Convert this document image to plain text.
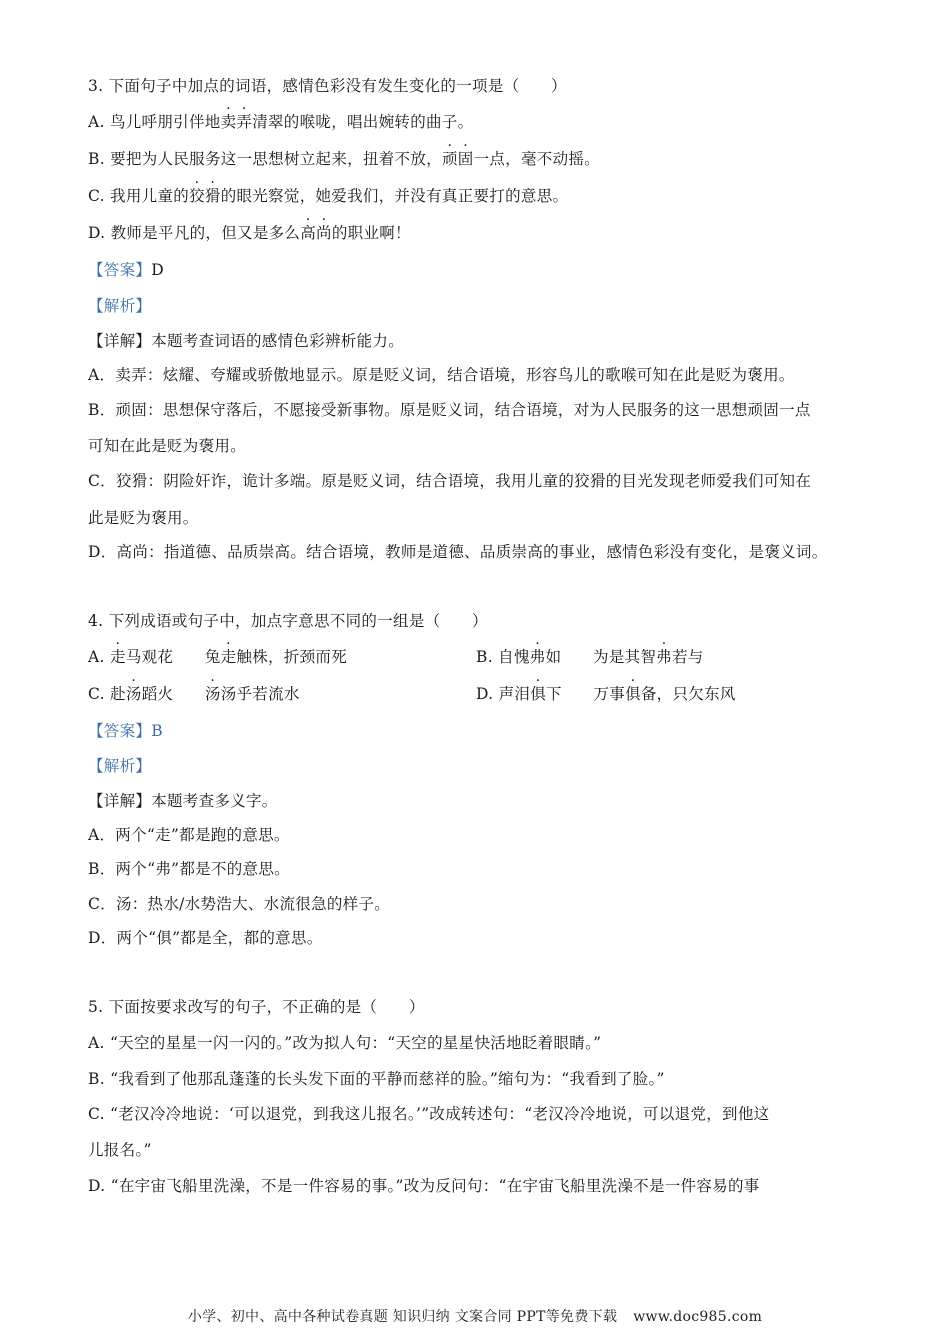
3. 下面句子中加点的词语，感情色彩没有发生变化的一项是（　　）
A. 鸟儿呼朋引伴地卖弄清翠的喉咙，唱出婉转的曲子。
B. 要把为人民服务这一思想树立起来，扭着不放，顽固一点，毫不动摇。
C. 我用儿童的狡猾的眼光察觉，她爱我们，并没有真正要打的意思。
D. 教师是平凡的，但又是多么高尚的职业啊！
【答案】D
【解析】
【详解】本题考查词语的感情色彩辨析能力。
A．卖弄：炫耀、夸耀或骄傲地显示。原是贬义词，结合语境，形容鸟儿的歌喉可知在此是贬为褒用。
B．顽固：思想保守落后，不愿接受新事物。原是贬义词，结合语境，对为人民服务的这一思想顽固一点
可知在此是贬为褒用。
C．狡猾：阴险奸诈，诡计多端。原是贬义词，结合语境，我用儿童的狡猾的目光发现老师爱我们可知在
此是贬为褒用。
D．高尚：指道德、品质崇高。结合语境，教师是道德、品质崇高的事业，感情色彩没有变化，是褒义词。
4. 下列成语或句子中，加点字意思不同的一组是（　　）
A. 走马观花　　兔走触株，折颈而死	B. 自愧弗如　　为是其智弗若与
C. 赴汤蹈火　　汤汤乎若流水	D. 声泪俱下　　万事俱备，只欠东风
【答案】B
【解析】
【详解】本题考查多义字。
A．两个“走”都是跑的意思。
B．两个“弗”都是不的意思。
C．汤：热水/水势浩大、水流很急的样子。
D．两个“俱”都是全，都的意思。
5. 下面按要求改写的句子，不正确的是（　　）
A. “天空的星星一闪一闪的。”改为拟人句：“天空的星星快活地眨着眼睛。”
B. “我看到了他那乱蓬蓬的长头发下面的平静而慈祥的脸。”缩句为：“我看到了脸。”
C. “老汉冷冷地说：‘可以退党，到我这儿报名。’”改成转述句：“老汉冷冷地说，可以退党，到他这
儿报名。”
D. “在宇宙飞船里洗澡，不是一件容易的事。”改为反问句：“在宇宙飞船里洗澡不是一件容易的事
小学、初中、高中各种试卷真题 知识归纳 文案合同 PPT等免费下载 www.doc985.com
